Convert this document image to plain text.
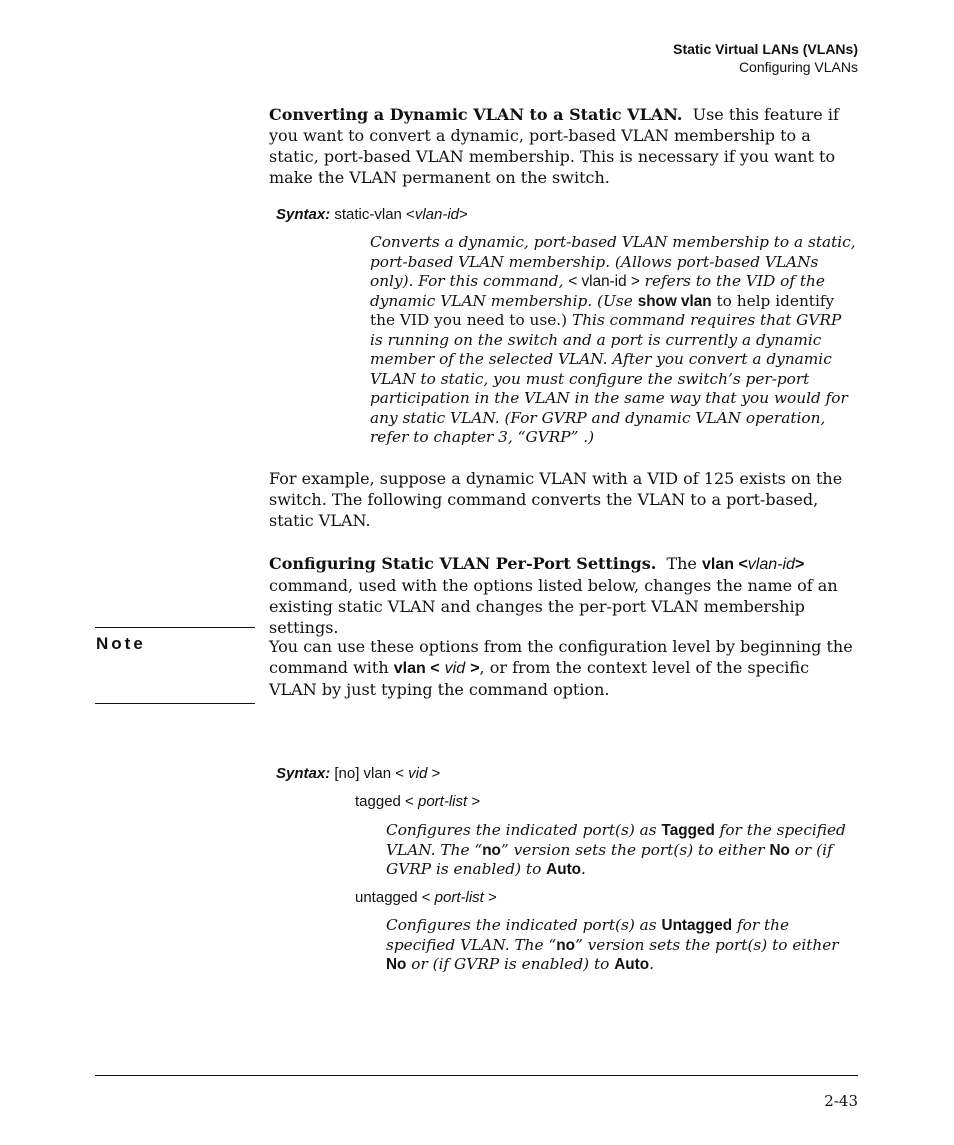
Static Virtual LANs (VLANs)
Configuring VLANs
Converting a Dynamic VLAN to a Static VLAN. Use this feature if you want to convert a dynamic, port-based VLAN membership to a static, port-based VLAN membership. This is necessary if you want to make the VLAN permanent on the switch.
Syntax: static-vlan <vlan-id>
Converts a dynamic, port-based VLAN membership to a static, port-based VLAN membership. (Allows port-based VLANs only). For this command, < vlan-id > refers to the VID of the dynamic VLAN membership. (Use show vlan to help identify the VID you need to use.) This command requires that GVRP is running on the switch and a port is currently a dynamic member of the selected VLAN. After you convert a dynamic VLAN to static, you must configure the switch’s per-port participation in the VLAN in the same way that you would for any static VLAN. (For GVRP and dynamic VLAN operation, refer to chapter 3, “GVRP” .)
For example, suppose a dynamic VLAN with a VID of 125 exists on the switch. The following command converts the VLAN to a port-based, static VLAN.
Configuring Static VLAN Per-Port Settings. The vlan <vlan-id> command, used with the options listed below, changes the name of an existing static VLAN and changes the per-port VLAN membership settings.
Note	You can use these options from the configuration level by beginning the command with vlan < vid >, or from the context level of the specific VLAN by just typing the command option.
Syntax: [no] vlan < vid >
tagged < port-list >
Configures the indicated port(s) as Tagged for the specified VLAN. The “no” version sets the port(s) to either No or (if GVRP is enabled) to Auto.
untagged < port-list >
Configures the indicated port(s) as Untagged for the specified VLAN. The “no” version sets the port(s) to either No or (if GVRP is enabled) to Auto.
2-43
